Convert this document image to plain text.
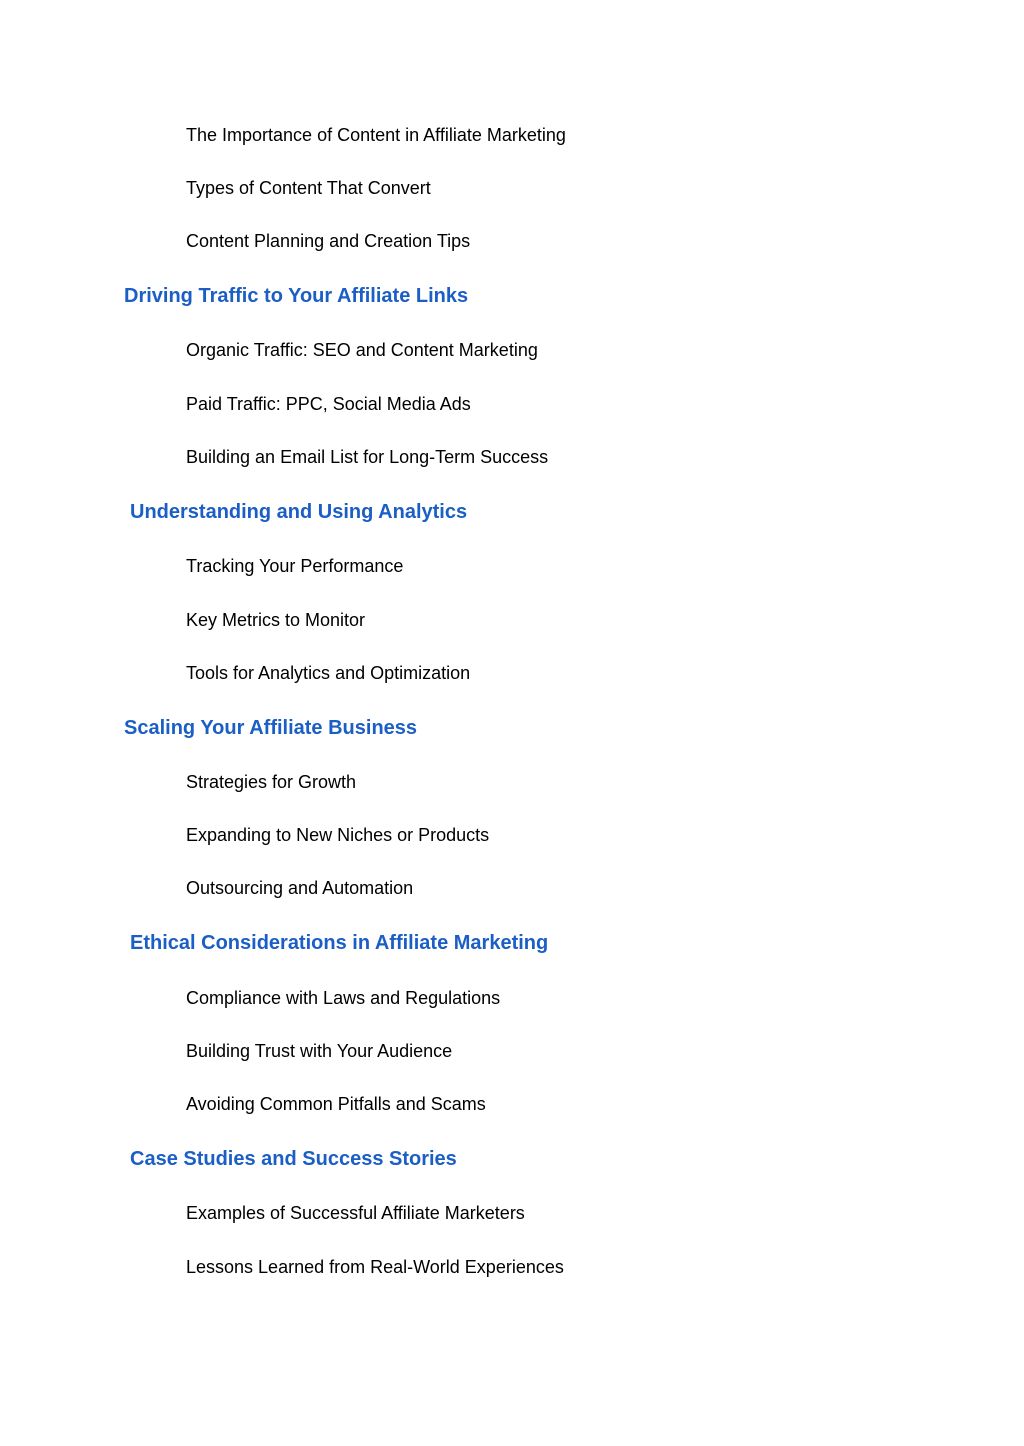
The Importance of Content in Affiliate Marketing
Types of Content That Convert
Content Planning and Creation Tips
Driving Traffic to Your Affiliate Links
Organic Traffic: SEO and Content Marketing
Paid Traffic: PPC, Social Media Ads
Building an Email List for Long-Term Success
Understanding and Using Analytics
Tracking Your Performance
Key Metrics to Monitor
Tools for Analytics and Optimization
Scaling Your Affiliate Business
Strategies for Growth
Expanding to New Niches or Products
Outsourcing and Automation
Ethical Considerations in Affiliate Marketing
Compliance with Laws and Regulations
Building Trust with Your Audience
Avoiding Common Pitfalls and Scams
Case Studies and Success Stories
Examples of Successful Affiliate Marketers
Lessons Learned from Real-World Experiences
